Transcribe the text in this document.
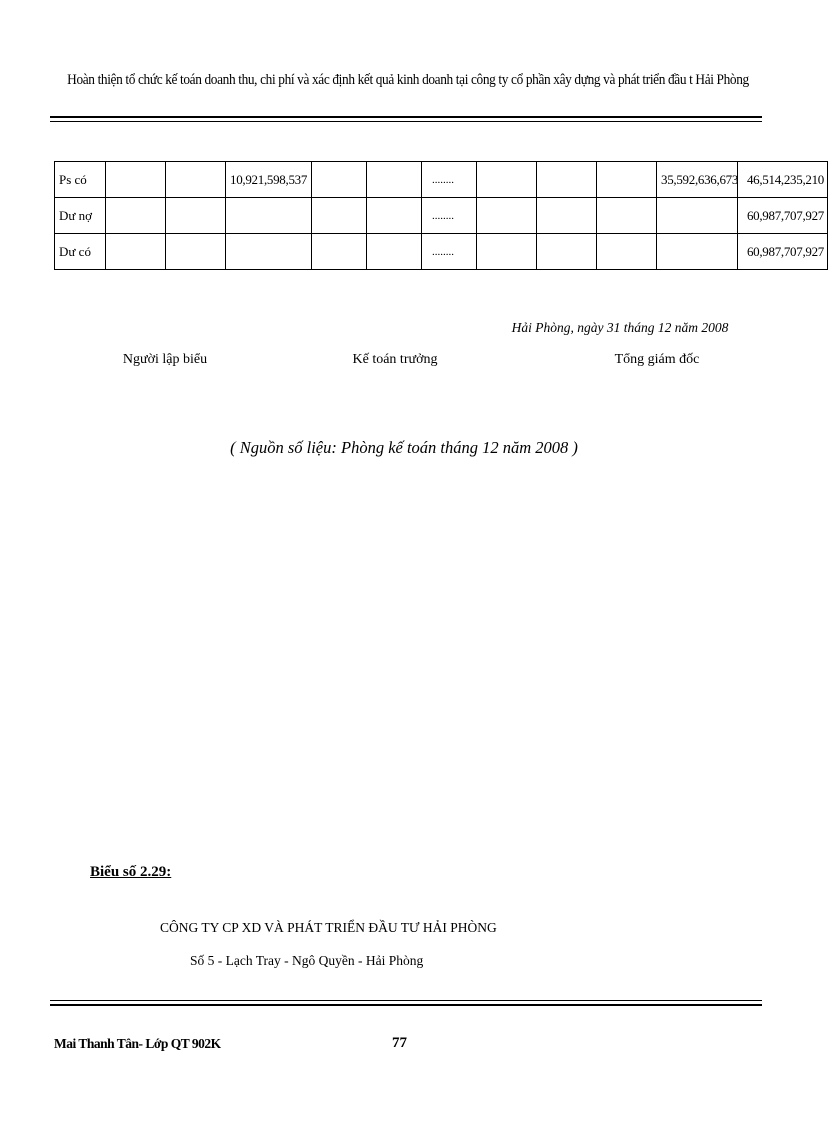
Hoàn thiện tổ chức kế toán doanh thu, chi phí và xác định kết quả kinh doanh tại công ty cổ phần xây dựng và phát triển đầu t Hải Phòng
Ps có			10,921,598,537			........				35,592,636,673	46,514,235,210
Dư nợ						........					60,987,707,927
Dư có						........					60,987,707,927
Hải Phòng, ngày 31 tháng 12 năm 2008
Người lập biểu	Kế toán trưởng	Tổng giám đốc
( Nguồn số liệu: Phòng kế toán tháng 12 năm 2008 )
Biểu số 2.29:
CÔNG TY CP XD VÀ PHÁT TRIỂN ĐẦU TƯ HẢI PHÒNG
Số 5 - Lạch Tray - Ngô Quyền - Hải Phòng
Mai Thanh Tân- Lớp QT 902K	77
